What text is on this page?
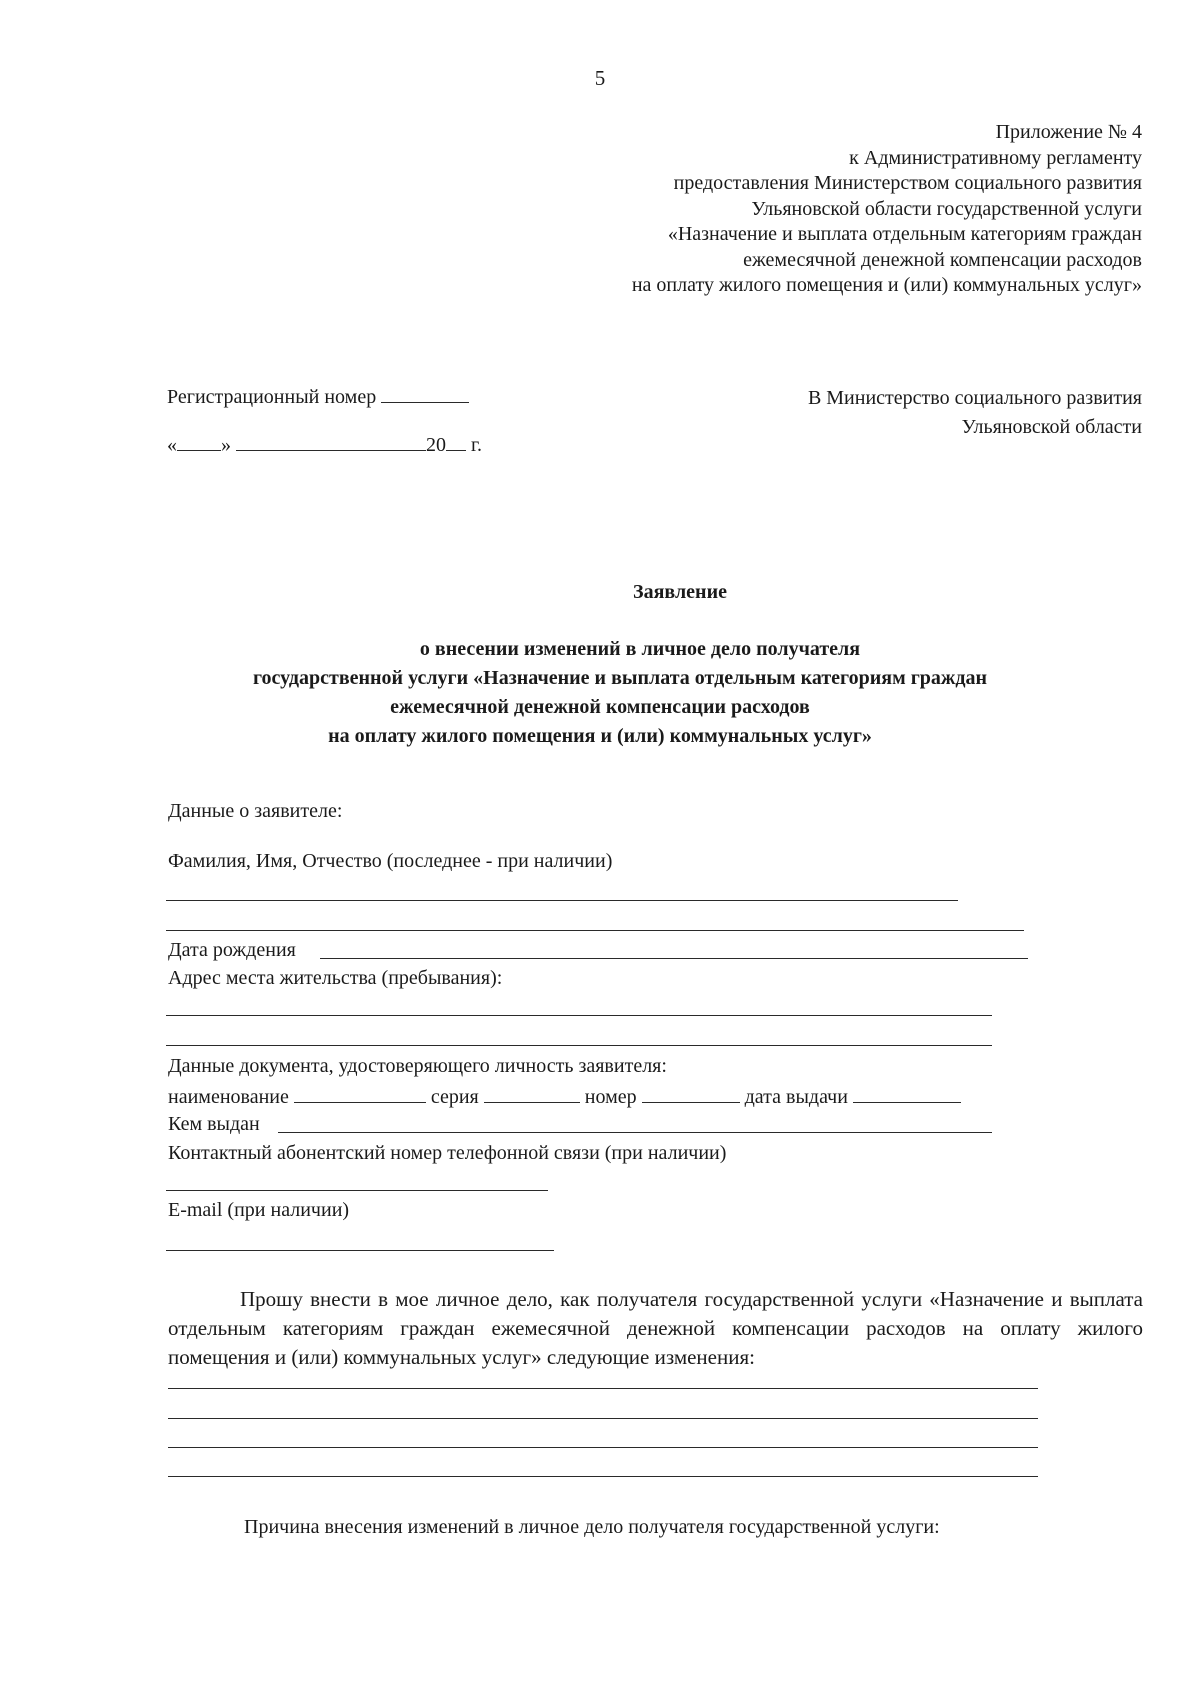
5
Приложение № 4
к Административному регламенту
предоставления Министерством социального развития
Ульяновской области государственной услуги
«Назначение и выплата отдельным категориям граждан
ежемесячной денежной компенсации расходов
на оплату жилого помещения и (или) коммунальных услуг»
Регистрационный номер
« »	20 г.
В Министерство социального развития
Ульяновской области
Заявление
о внесении изменений в личное дело получателя
государственной услуги «Назначение и выплата отдельным категориям граждан
ежемесячной денежной компенсации расходов
на оплату жилого помещения и (или) коммунальных услуг»
Данные о заявителе:
Фамилия, Имя, Отчество (последнее - при наличии)
Дата рождения
Адрес места жительства (пребывания):
Данные документа, удостоверяющего личность заявителя:
наименование	серия	номер	дата выдачи
Кем выдан
Контактный абонентский номер телефонной связи (при наличии)
E-mail (при наличии)
Прошу внести в мое личное дело, как получателя государственной услуги «Назначение и выплата отдельным категориям граждан ежемесячной денежной компенсации расходов на оплату жилого помещения и (или) коммунальных услуг» следующие изменения:
Причина внесения изменений в личное дело получателя государственной услуги:
